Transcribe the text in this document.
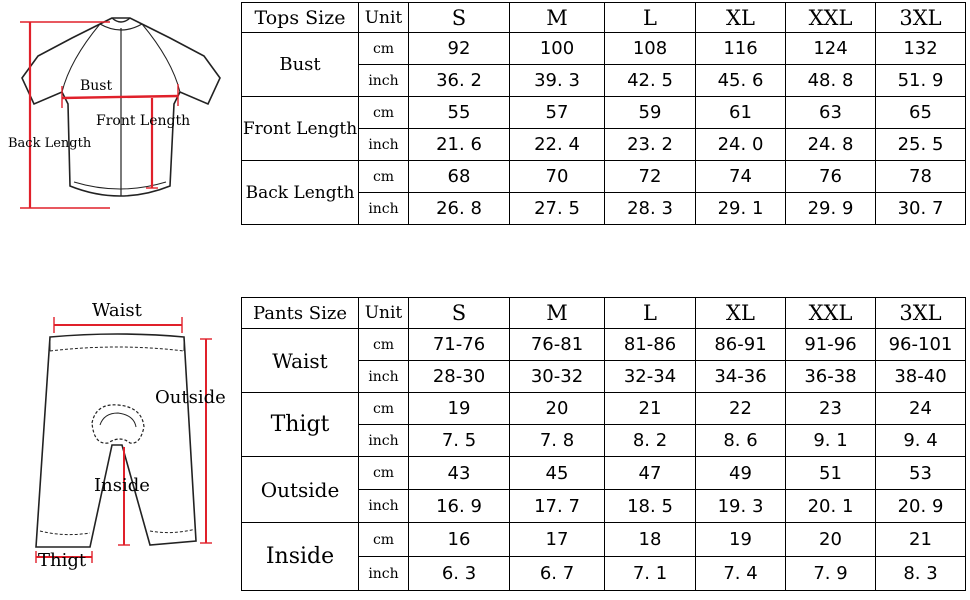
Bust
Front Length
Back Length
Tops Size	Unit	S	M	L	XL	XXL	3XL
Bust	cm	92	100	108	116	124	132
	inch	36. 2	39. 3	42. 5	45. 6	48. 8	51. 9
Front Length	cm	55	57	59	61	63	65
	inch	21. 6	22. 4	23. 2	24. 0	24. 8	25. 5
Back Length	cm	68	70	72	74	76	78
	inch	26. 8	27. 5	28. 3	29. 1	29. 9	30. 7
Waist
Outside
Inside
Thigt
Pants Size	Unit	S	M	L	XL	XXL	3XL
Waist	cm	71-76	76-81	81-86	86-91	91-96	96-101
	inch	28-30	30-32	32-34	34-36	36-38	38-40
Thigt	cm	19	20	21	22	23	24
	inch	7. 5	7. 8	8. 2	8. 6	9. 1	9. 4
Outside	cm	43	45	47	49	51	53
	inch	16. 9	17. 7	18. 5	19. 3	20. 1	20. 9
Inside	cm	16	17	18	19	20	21
	inch	6. 3	6. 7	7. 1	7. 4	7. 9	8. 3
